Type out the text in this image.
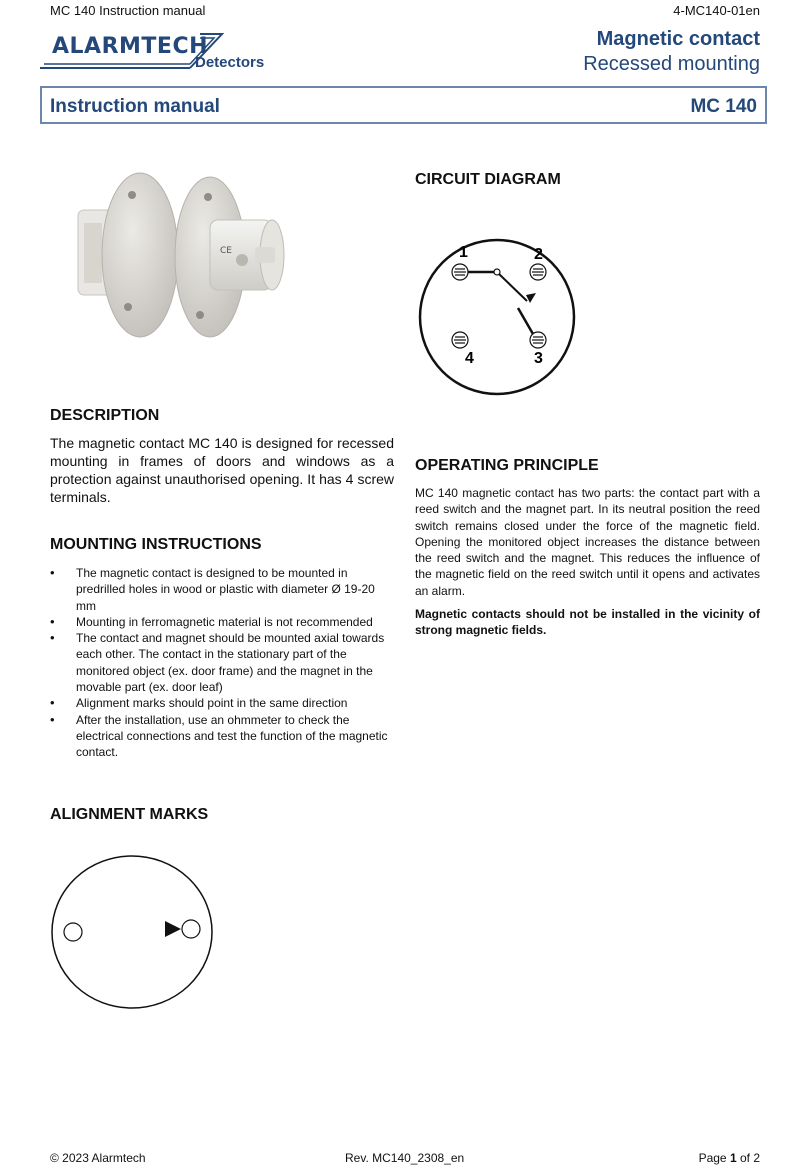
MC 140 Instruction manual	4-MC140-01en
ALARMTECH
Detectors
Magnetic contact
Recessed mounting
Instruction manual	MC 140
CE
CIRCUIT DIAGRAM
1	2
3
4
DESCRIPTION
The magnetic contact MC 140 is designed for recessed mounting in frames of doors and windows as a protection against unauthorised opening. It has 4 screw terminals.
OPERATING PRINCIPLE
MC 140 magnetic contact has two parts: the contact part with a reed switch and the magnet part. In its neutral position the reed switch remains closed under the force of the magnetic field. Opening the monitored object increases the distance between the reed switch and the magnet. This reduces the influence of the magnetic field on the reed switch until it opens and activates an alarm.
Magnetic contacts should not be installed in the vicinity of strong magnetic fields.
MOUNTING INSTRUCTIONS
• The magnetic contact is designed to be mounted in predrilled holes in wood or plastic with diameter Ø 19-20 mm
• Mounting in ferromagnetic material is not recommended
• The contact and magnet should be mounted axial towards each other. The contact in the stationary part of the monitored object (ex. door frame) and the magnet in the movable part (ex. door leaf)
• Alignment marks should point in the same direction
• After the installation, use an ohmmeter to check the electrical connections and test the function of the magnetic contact.
ALIGNMENT MARKS
© 2023 Alarmtech	Rev. MC140_2308_en	Page 1 of 2
